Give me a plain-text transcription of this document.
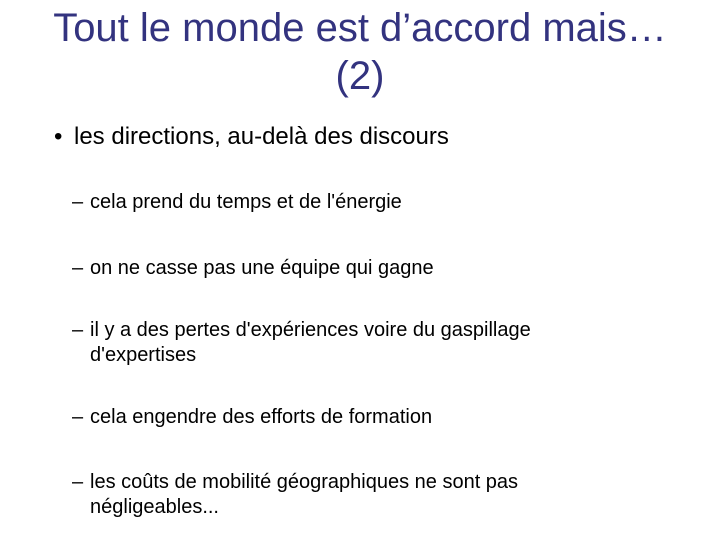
Tout le monde est d’accord mais…
(2)
• les directions, au-delà des discours
– cela prend du temps et de l'énergie
– on ne casse pas une équipe qui gagne
– il y a des pertes d'expériences voire du gaspillage
d'expertises
– cela engendre des efforts de formation
– les coûts de mobilité géographiques ne sont pas
négligeables...
